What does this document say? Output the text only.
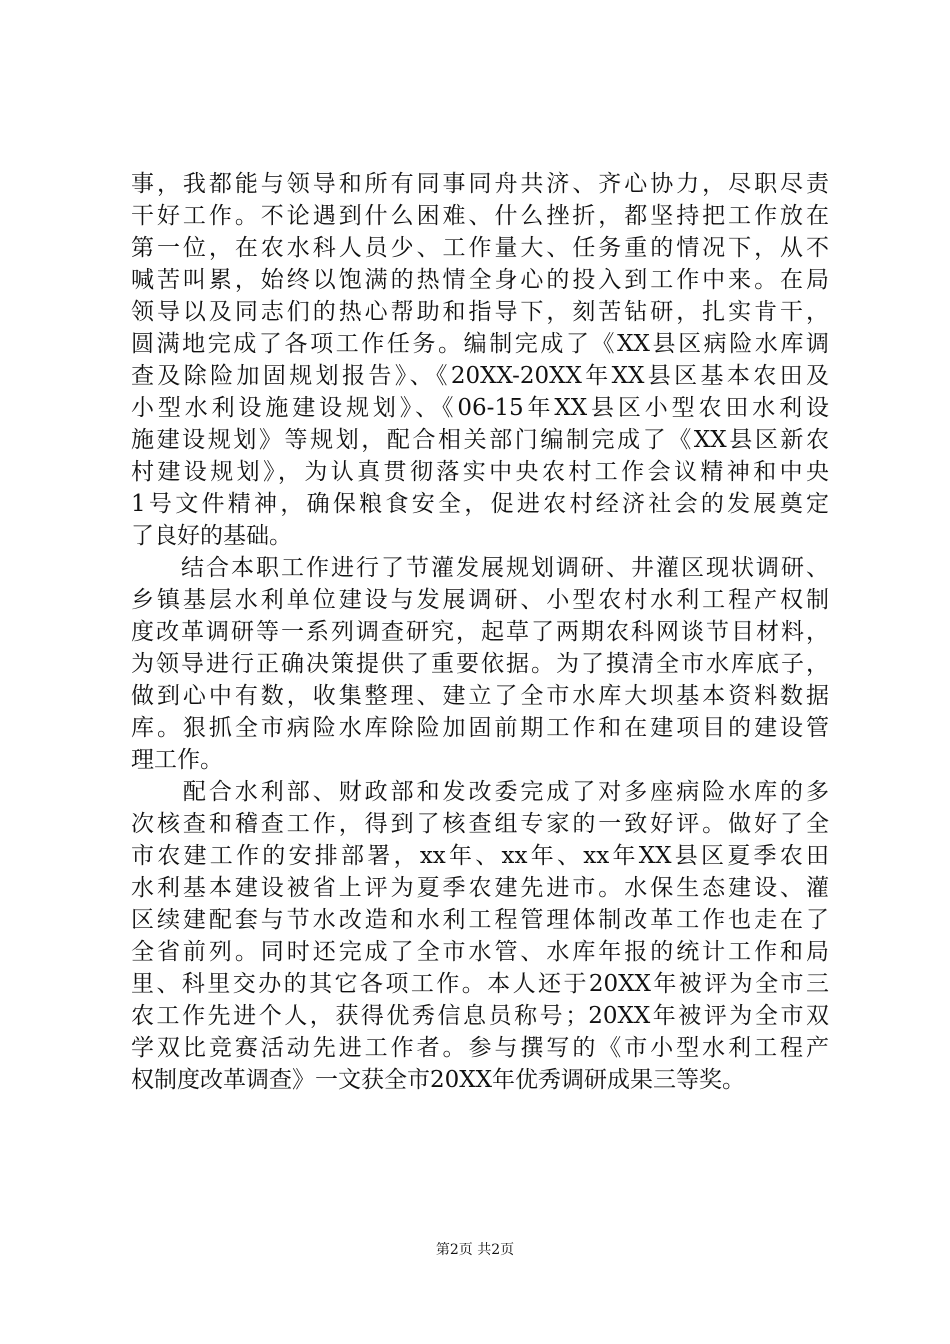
事，我都能与领导和所有同事同舟共济、齐心协力，尽职尽责
干好工作。不论遇到什么困难、什么挫折，都坚持把工作放在
第一位，在农水科人员少、工作量大、任务重的情况下，从不
喊苦叫累，始终以饱满的热情全身心的投入到工作中来。在局
领导以及同志们的热心帮助和指导下，刻苦钻研，扎实肯干，
圆满地完成了各项工作任务。编制完成了《XX县区病险水库调
查及除险加固规划报告》、《20XX-20XX年XX县区基本农田及
小型水利设施建设规划》、《06-15年XX县区小型农田水利设
施建设规划》等规划，配合相关部门编制完成了《XX县区新农
村建设规划》，为认真贯彻落实中央农村工作会议精神和中央
1号文件精神，确保粮食安全，促进农村经济社会的发展奠定
了良好的基础。
　　结合本职工作进行了节灌发展规划调研、井灌区现状调研、
乡镇基层水利单位建设与发展调研、小型农村水利工程产权制
度改革调研等一系列调查研究，起草了两期农科网谈节目材料，
为领导进行正确决策提供了重要依据。为了摸清全市水库底子，
做到心中有数，收集整理、建立了全市水库大坝基本资料数据
库。狠抓全市病险水库除险加固前期工作和在建项目的建设管
理工作。
　　配合水利部、财政部和发改委完成了对多座病险水库的多
次核查和稽查工作，得到了核查组专家的一致好评。做好了全
市农建工作的安排部署，xx年、xx年、xx年XX县区夏季农田
水利基本建设被省上评为夏季农建先进市。水保生态建设、灌
区续建配套与节水改造和水利工程管理体制改革工作也走在了
全省前列。同时还完成了全市水管、水库年报的统计工作和局
里、科里交办的其它各项工作。本人还于20XX年被评为全市三
农工作先进个人，获得优秀信息员称号；20XX年被评为全市双
学双比竞赛活动先进工作者。参与撰写的《市小型水利工程产
权制度改革调查》一文获全市20XX年优秀调研成果三等奖。
第2页 共2页
